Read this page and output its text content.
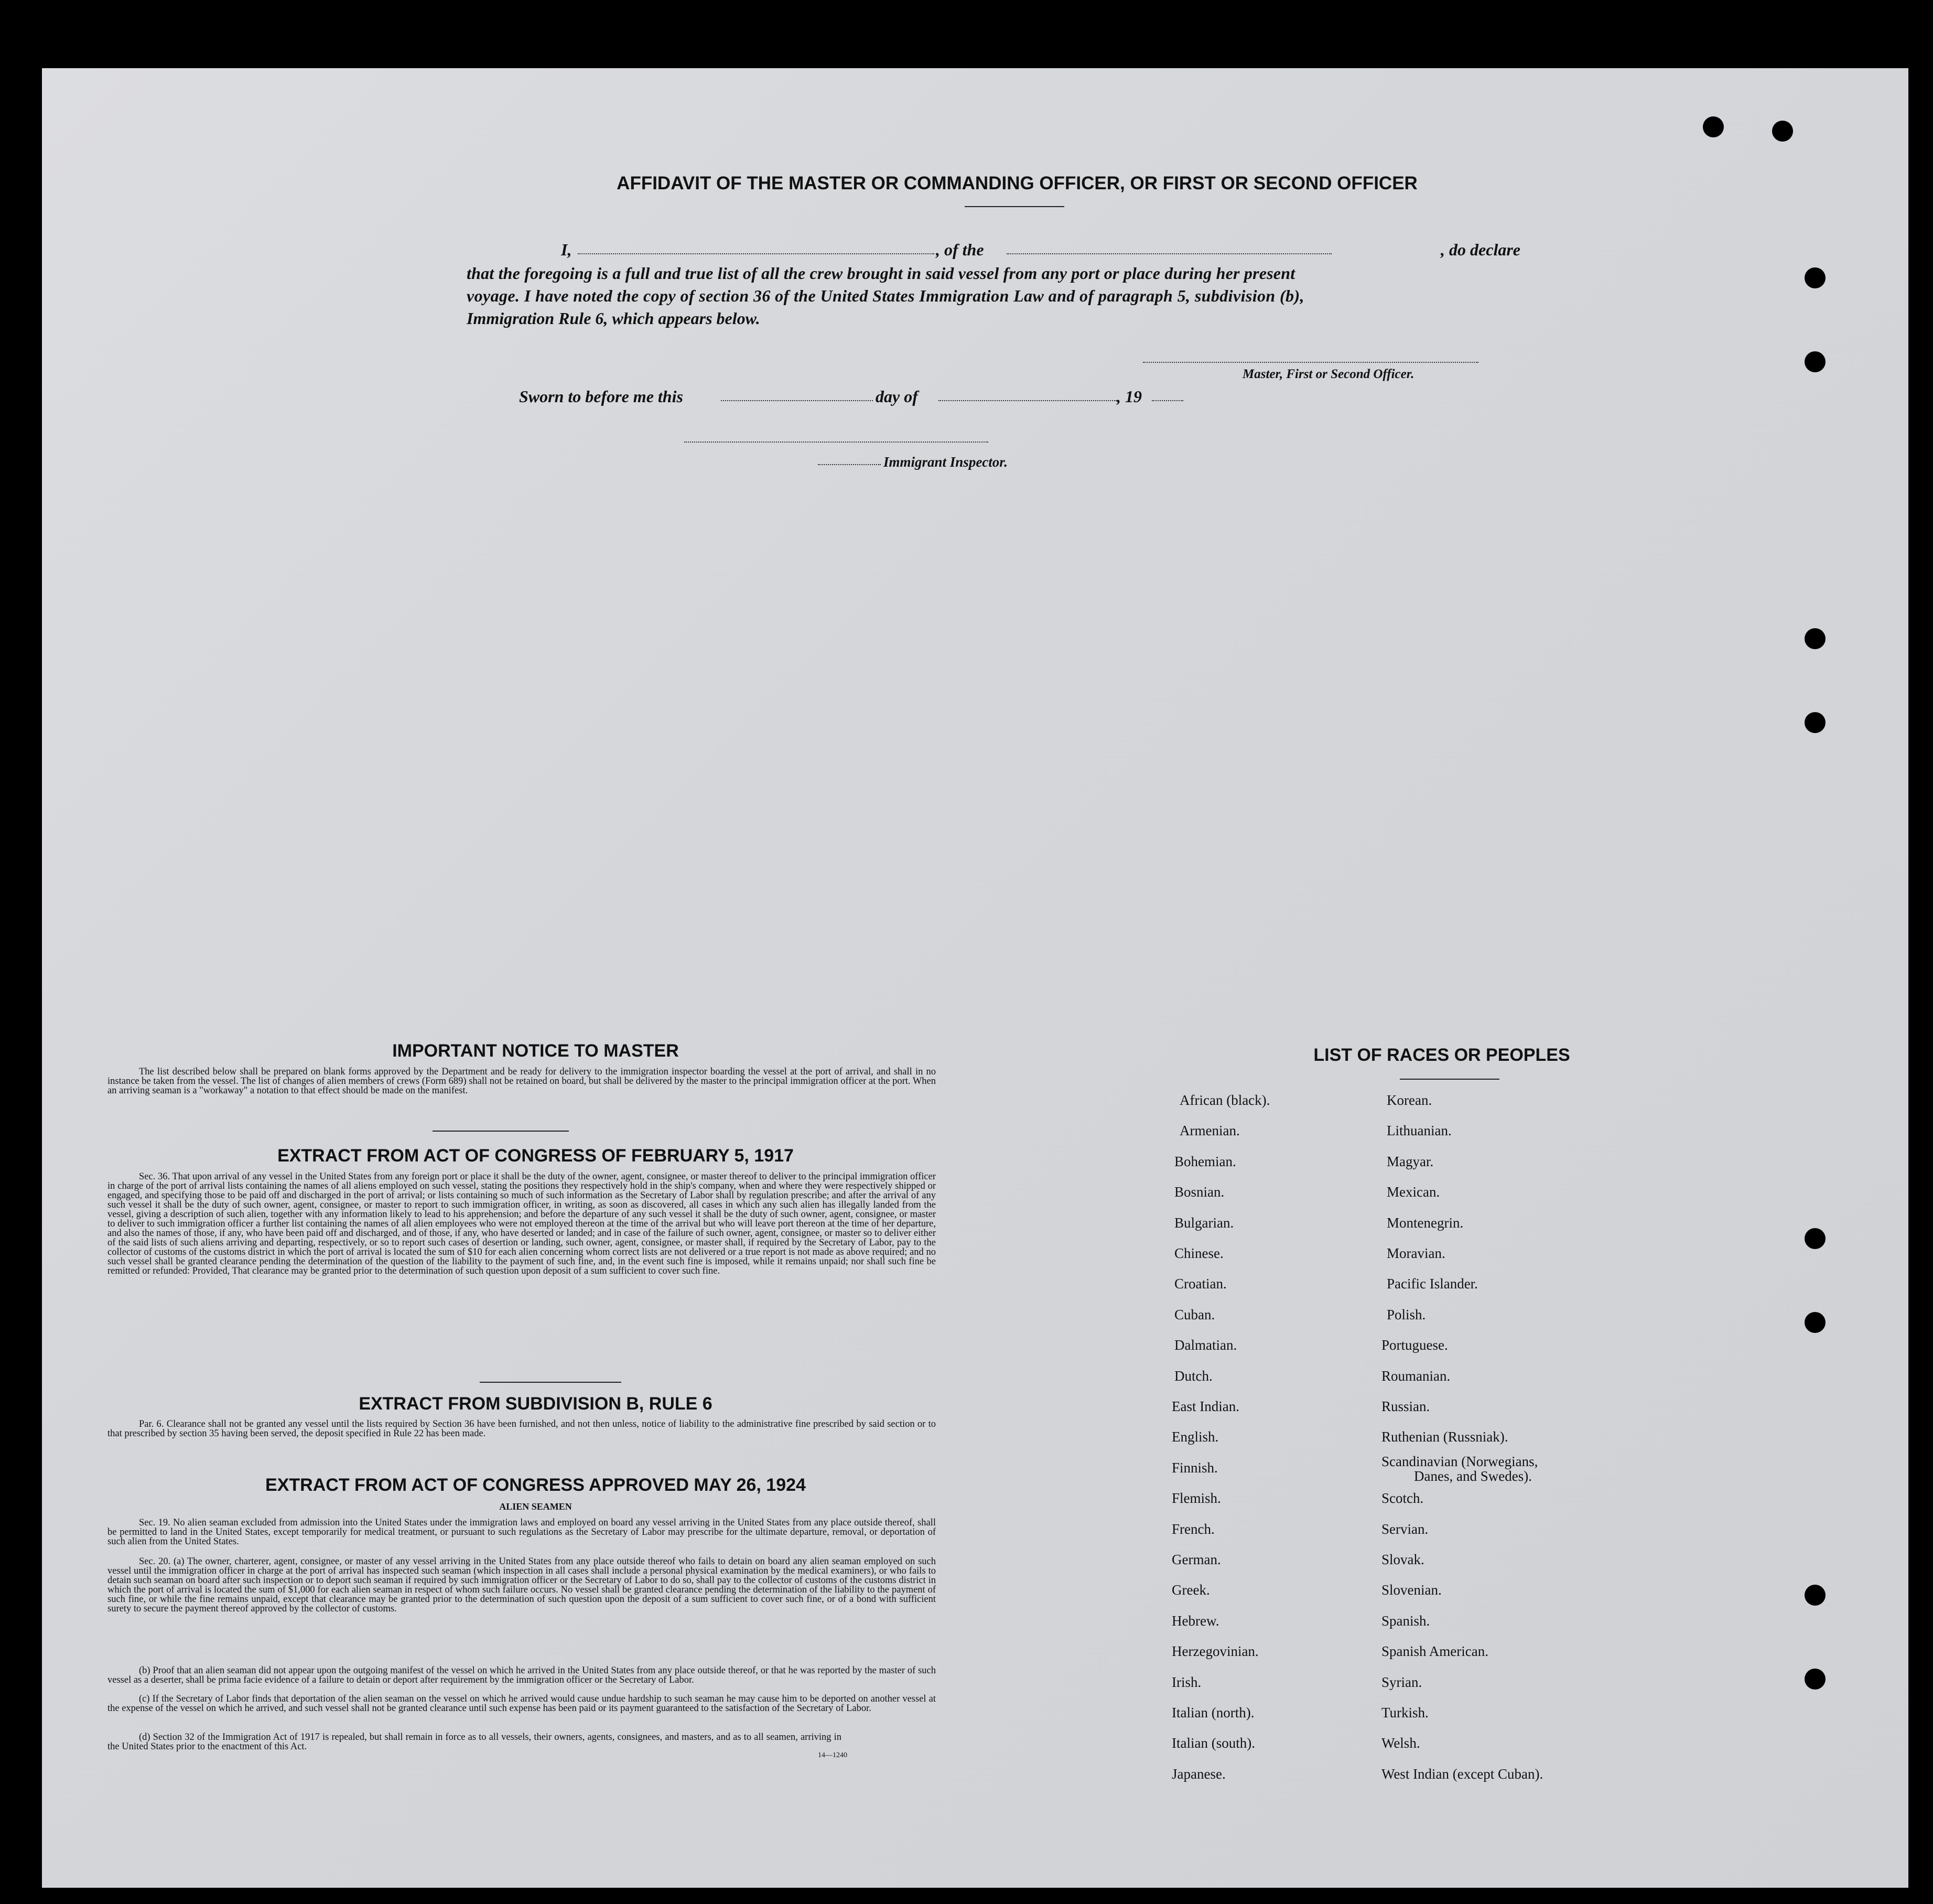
AFFIDAVIT OF THE MASTER OR COMMANDING OFFICER, OR FIRST OR SECOND OFFICER
I,	, of the	, do declare
that the foregoing is a full and true list of all the crew brought in said vessel from any port or place during her present
voyage. I have noted the copy of section 36 of the United States Immigration Law and of paragraph 5, subdivision (b),
Immigration Rule 6, which appears below.
Master, First or Second Officer.
Sworn to before me this	day of	, 19
Immigrant Inspector.
IMPORTANT NOTICE TO MASTER
The list described below shall be prepared on blank forms approved by the Department and be ready for delivery to the immigration inspector boarding the vessel at the port of arrival, and shall in no instance be taken from the vessel. The list of changes of alien members of crews (Form 689) shall not be retained on board, but shall be delivered by the master to the principal immigration officer at the port. When an arriving seaman is a "workaway" a notation to that effect should be made on the manifest.
EXTRACT FROM ACT OF CONGRESS OF FEBRUARY 5, 1917
Sec. 36. That upon arrival of any vessel in the United States from any foreign port or place it shall be the duty of the owner, agent, consignee, or master thereof to deliver to the principal immigration officer in charge of the port of arrival lists containing the names of all aliens employed on such vessel, stating the positions they respectively hold in the ship's company, when and where they were respectively shipped or engaged, and specifying those to be paid off and discharged in the port of arrival; or lists containing so much of such information as the Secretary of Labor shall by regulation prescribe; and after the arrival of any such vessel it shall be the duty of such owner, agent, consignee, or master to report to such immigration officer, in writing, as soon as discovered, all cases in which any such alien has illegally landed from the vessel, giving a description of such alien, together with any information likely to lead to his apprehension; and before the departure of any such vessel it shall be the duty of such owner, agent, consignee, or master to deliver to such immigration officer a further list containing the names of all alien employees who were not employed thereon at the time of the arrival but who will leave port thereon at the time of her departure, and also the names of those, if any, who have been paid off and discharged, and of those, if any, who have deserted or landed; and in case of the failure of such owner, agent, consignee, or master so to deliver either of the said lists of such aliens arriving and departing, respectively, or so to report such cases of desertion or landing, such owner, agent, consignee, or master shall, if required by the Secretary of Labor, pay to the collector of customs of the customs district in which the port of arrival is located the sum of $10 for each alien concerning whom correct lists are not delivered or a true report is not made as above required; and no such vessel shall be granted clearance pending the determination of the question of the liability to the payment of such fine, and, in the event such fine is imposed, while it remains unpaid; nor shall such fine be remitted or refunded: Provided, That clearance may be granted prior to the determination of such question upon deposit of a sum sufficient to cover such fine.
EXTRACT FROM SUBDIVISION B, RULE 6
Par. 6. Clearance shall not be granted any vessel until the lists required by Section 36 have been furnished, and not then unless, notice of liability to the administrative fine prescribed by said section or to that prescribed by section 35 having been served, the deposit specified in Rule 22 has been made.
EXTRACT FROM ACT OF CONGRESS APPROVED MAY 26, 1924
ALIEN SEAMEN
Sec. 19. No alien seaman excluded from admission into the United States under the immigration laws and employed on board any vessel arriving in the United States from any place outside thereof, shall be permitted to land in the United States, except temporarily for medical treatment, or pursuant to such regulations as the Secretary of Labor may prescribe for the ultimate departure, removal, or deportation of such alien from the United States.
Sec. 20. (a) The owner, charterer, agent, consignee, or master of any vessel arriving in the United States from any place outside thereof who fails to detain on board any alien seaman employed on such vessel until the immigration officer in charge at the port of arrival has inspected such seaman (which inspection in all cases shall include a personal physical examination by the medical examiners), or who fails to detain such seaman on board after such inspection or to deport such seaman if required by such immigration officer or the Secretary of Labor to do so, shall pay to the collector of customs of the customs district in which the port of arrival is located the sum of $1,000 for each alien seaman in respect of whom such failure occurs. No vessel shall be granted clearance pending the determination of the liability to the payment of such fine, or while the fine remains unpaid, except that clearance may be granted prior to the determination of such question upon the deposit of a sum sufficient to cover such fine, or of a bond with sufficient surety to secure the payment thereof approved by the collector of customs.
(b) Proof that an alien seaman did not appear upon the outgoing manifest of the vessel on which he arrived in the United States from any place outside thereof, or that he was reported by the master of such vessel as a deserter, shall be prima facie evidence of a failure to detain or deport after requirement by the immigration officer or the Secretary of Labor.
(c) If the Secretary of Labor finds that deportation of the alien seaman on the vessel on which he arrived would cause undue hardship to such seaman he may cause him to be deported on another vessel at the expense of the vessel on which he arrived, and such vessel shall not be granted clearance until such expense has been paid or its payment guaranteed to the satisfaction of the Secretary of Labor.
(d) Section 32 of the Immigration Act of 1917 is repealed, but shall remain in force as to all vessels, their owners, agents, consignees, and masters, and as to all seamen, arriving in the United States prior to the enactment of this Act.
14—1240
LIST OF RACES OR PEOPLES
African (black).
Armenian.
Bohemian.
Bosnian.
Bulgarian.
Chinese.
Croatian.
Cuban.
Dalmatian.
Dutch.
East Indian.
English.
Finnish.
Flemish.
French.
German.
Greek.
Hebrew.
Herzegovinian.
Irish.
Italian (north).
Italian (south).
Japanese.
Korean.
Lithuanian.
Magyar.
Mexican.
Montenegrin.
Moravian.
Pacific Islander.
Polish.
Portuguese.
Roumanian.
Russian.
Ruthenian (Russniak).
Scandinavian (Norwegians,
Danes, and Swedes).
Scotch.
Servian.
Slovak.
Slovenian.
Spanish.
Spanish American.
Syrian.
Turkish.
Welsh.
West Indian (except Cuban).
